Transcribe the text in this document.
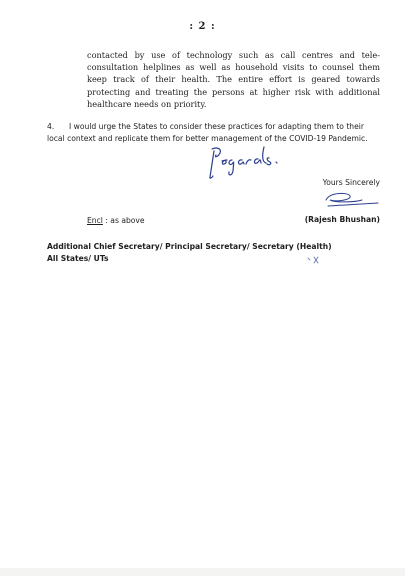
: 2 :

contacted by use of technology such as call centres and tele-consultation helplines as well as household visits to counsel them keep track of their health. The entire effort is geared towards protecting and treating the persons at higher risk with additional healthcare needs on priority.

4. I would urge the States to consider these practices for adapting them to their local context and replicate them for better management of the COVID-19 Pandemic.

Yours Sincerely
Encl : as above	(Rajesh Bhushan)
Additional Chief Secretary/ Principal Secretary/ Secretary (Health)
All States/ UTs
